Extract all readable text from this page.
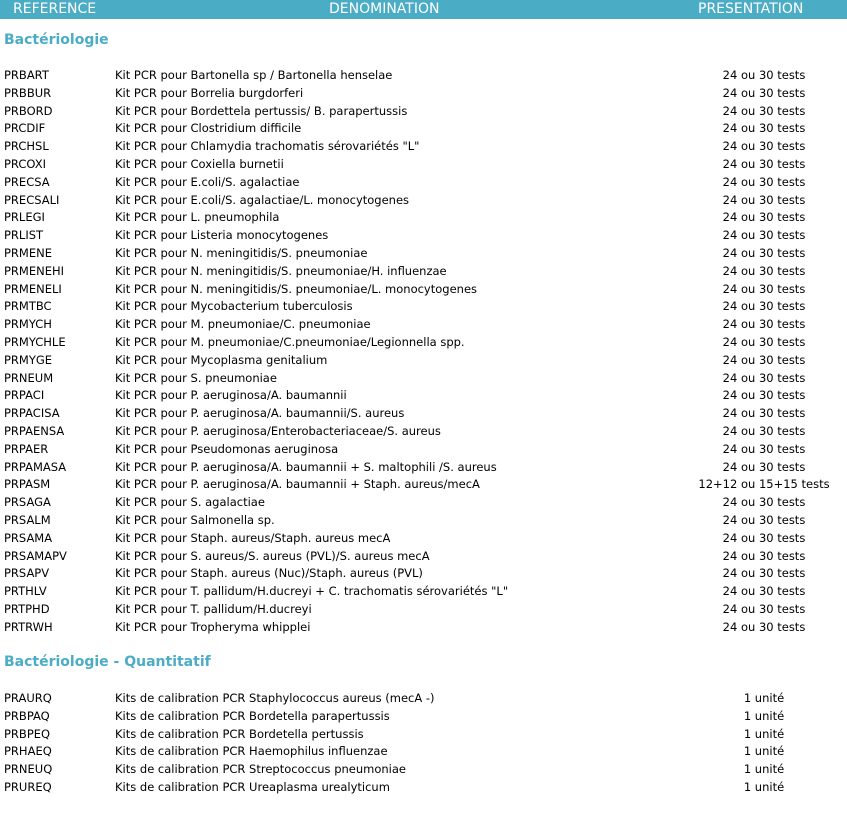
REFERENCE	DENOMINATION	PRESENTATION
Bactériologie
PRBART	Kit PCR pour Bartonella sp / Bartonella henselae	24 ou 30 tests
PRBBUR	Kit PCR pour Borrelia burgdorferi	24 ou 30 tests
PRBORD	Kit PCR pour Bordettela pertussis/ B. parapertussis	24 ou 30 tests
PRCDIF	Kit PCR pour Clostridium difficile	24 ou 30 tests
PRCHSL	Kit PCR pour Chlamydia trachomatis sérovariétés "L"	24 ou 30 tests
PRCOXI	Kit PCR pour Coxiella burnetii	24 ou 30 tests
PRECSA	Kit PCR pour E.coli/S. agalactiae	24 ou 30 tests
PRECSALI	Kit PCR pour E.coli/S. agalactiae/L. monocytogenes	24 ou 30 tests
PRLEGI	Kit PCR pour L. pneumophila	24 ou 30 tests
PRLIST	Kit PCR pour Listeria monocytogenes	24 ou 30 tests
PRMENE	Kit PCR pour N. meningitidis/S. pneumoniae	24 ou 30 tests
PRMENEHI	Kit PCR pour N. meningitidis/S. pneumoniae/H. influenzae	24 ou 30 tests
PRMENELI	Kit PCR pour N. meningitidis/S. pneumoniae/L. monocytogenes	24 ou 30 tests
PRMTBC	Kit PCR pour Mycobacterium tuberculosis	24 ou 30 tests
PRMYCH	Kit PCR pour M. pneumoniae/C. pneumoniae	24 ou 30 tests
PRMYCHLE	Kit PCR pour M. pneumoniae/C.pneumoniae/Legionnella spp.	24 ou 30 tests
PRMYGE	Kit PCR pour Mycoplasma genitalium	24 ou 30 tests
PRNEUM	Kit PCR pour S. pneumoniae	24 ou 30 tests
PRPACI	Kit PCR pour P. aeruginosa/A. baumannii	24 ou 30 tests
PRPACISA	Kit PCR pour P. aeruginosa/A. baumannii/S. aureus	24 ou 30 tests
PRPAENSA	Kit PCR pour P. aeruginosa/Enterobacteriaceae/S. aureus	24 ou 30 tests
PRPAER	Kit PCR pour Pseudomonas aeruginosa	24 ou 30 tests
PRPAMASA	Kit PCR pour P. aeruginosa/A. baumannii + S. maltophili /S. aureus	24 ou 30 tests
PRPASM	Kit PCR pour P. aeruginosa/A. baumannii + Staph. aureus/mecA	12+12 ou 15+15 tests
PRSAGA	Kit PCR pour S. agalactiae	24 ou 30 tests
PRSALM	Kit PCR pour Salmonella sp.	24 ou 30 tests
PRSAMA	Kit PCR pour Staph. aureus/Staph. aureus mecA	24 ou 30 tests
PRSAMAPV	Kit PCR pour S. aureus/S. aureus (PVL)/S. aureus mecA	24 ou 30 tests
PRSAPV	Kit PCR pour Staph. aureus (Nuc)/Staph. aureus (PVL)	24 ou 30 tests
PRTHLV	Kit PCR pour T. pallidum/H.ducreyi + C. trachomatis sérovariétés "L"	24 ou 30 tests
PRTPHD	Kit PCR pour T. pallidum/H.ducreyi	24 ou 30 tests
PRTRWH	Kit PCR pour Tropheryma whipplei	24 ou 30 tests
Bactériologie - Quantitatif
PRAURQ	Kits de calibration PCR Staphylococcus aureus (mecA -)	1 unité
PRBPAQ	Kits de calibration PCR Bordetella parapertussis	1 unité
PRBPEQ	Kits de calibration PCR Bordetella pertussis	1 unité
PRHAEQ	Kits de calibration PCR Haemophilus influenzae	1 unité
PRNEUQ	Kits de calibration PCR Streptococcus pneumoniae	1 unité
PRUREQ	Kits de calibration PCR Ureaplasma urealyticum	1 unité
